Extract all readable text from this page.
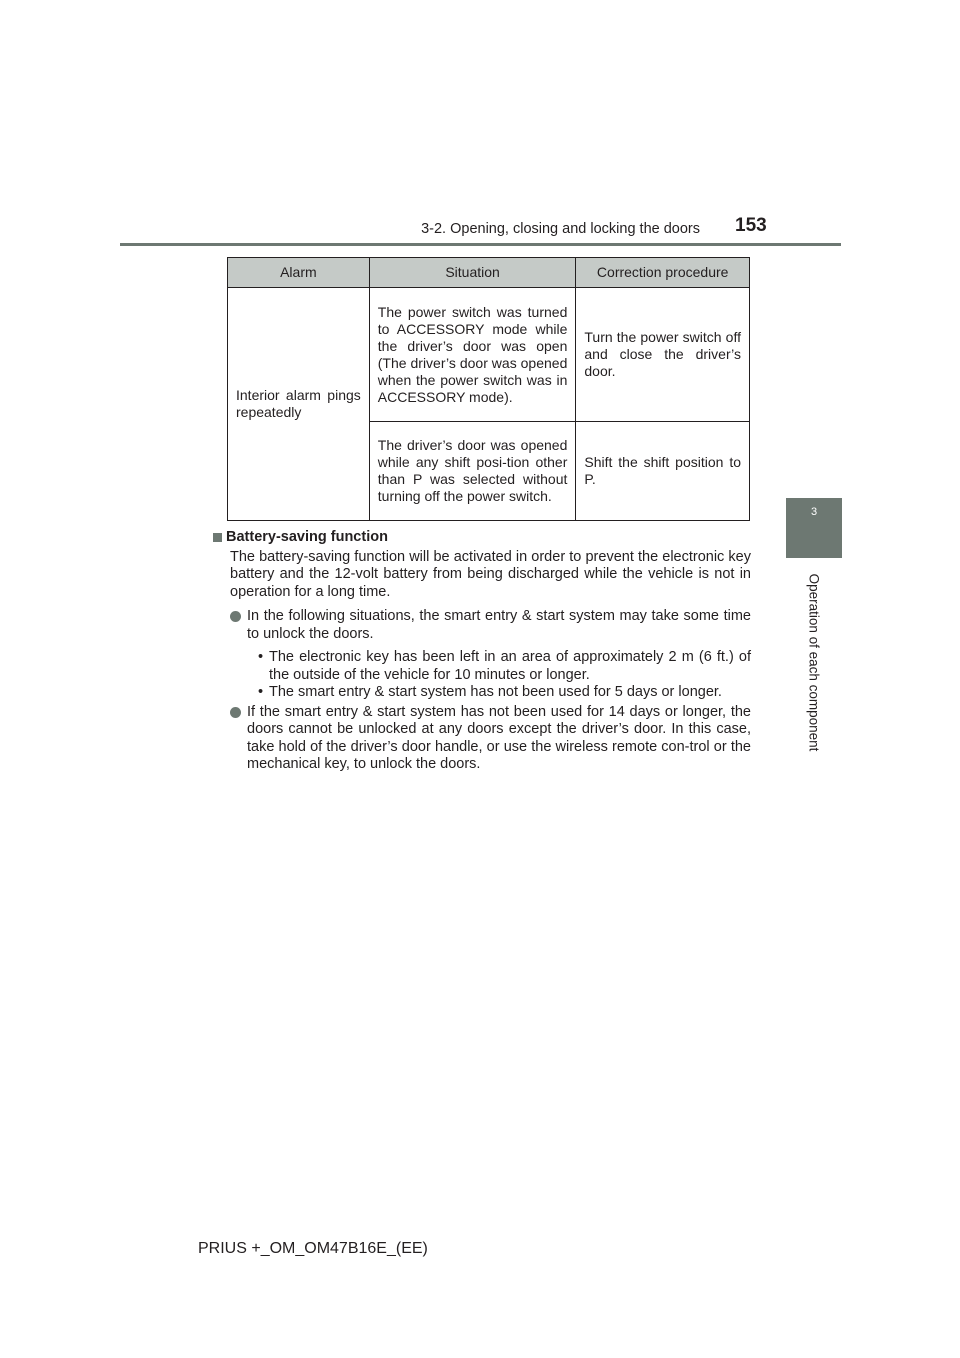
3-2. Opening, closing and locking the doors 153
3
Operation of each component
Alarm	Situation	Correction procedure
Interior alarm pings repeatedly	The power switch was turned to ACCESSORY mode while the driver’s door was open (The driver’s door was opened when the power switch was in ACCESSORY mode).	Turn the power switch off and close the driver’s door.
	The driver’s door was opened while any shift posi-tion other than P was selected without turning off the power switch.	Shift the shift position to P.
Battery-saving function
The battery-saving function will be activated in order to prevent the electronic key battery and the 12-volt battery from being discharged while the vehicle is not in operation for a long time.
In the following situations, the smart entry & start system may take some time to unlock the doors.
• The electronic key has been left in an area of approximately 2 m (6 ft.) of the outside of the vehicle for 10 minutes or longer.
• The smart entry & start system has not been used for 5 days or longer.
If the smart entry & start system has not been used for 14 days or longer, the doors cannot be unlocked at any doors except the driver’s door. In this case, take hold of the driver’s door handle, or use the wireless remote con-trol or the mechanical key, to unlock the doors.
PRIUS +_OM_OM47B16E_(EE)
